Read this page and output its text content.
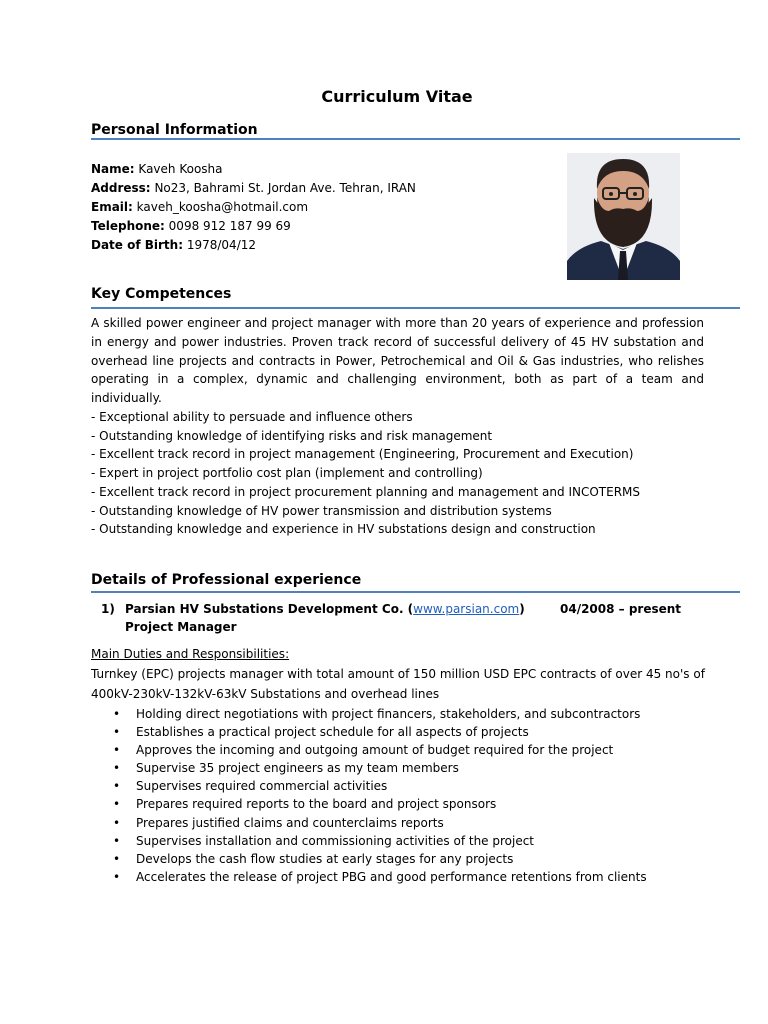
Curriculum Vitae
Personal Information
Name: Kaveh Koosha
Address: No23, Bahrami St. Jordan Ave. Tehran, IRAN
Email: kaveh_koosha@hotmail.com
Telephone: 0098 912 187 99 69
Date of Birth: 1978/04/12
Key Competences

A skilled power engineer and project manager with more than 20 years of experience and profession in energy and power industries. Proven track record of successful delivery of 45 HV substation and overhead line projects and contracts in Power, Petrochemical and Oil & Gas industries, who relishes operating in a complex, dynamic and challenging environment, both as part of a team and individually.

- Exceptional ability to persuade and influence others
- Outstanding knowledge of identifying risks and risk management
- Excellent track record in project management (Engineering, Procurement and Execution)
- Expert in project portfolio cost plan (implement and controlling)
- Excellent track record in project procurement planning and management and INCOTERMS
- Outstanding knowledge of HV power transmission and distribution systems
- Outstanding knowledge and experience in HV substations design and construction
Details of Professional experience
1) Parsian HV Substations Development Co. (www.parsian.com)	04/2008 – present
Project Manager
Main Duties and Responsibilities:

Turnkey (EPC) projects manager with total amount of 150 million USD EPC contracts of over 45 no's of 400kV-230kV-132kV-63kV Substations and overhead lines

• Holding direct negotiations with project financers, stakeholders, and subcontractors
• Establishes a practical project schedule for all aspects of projects
• Approves the incoming and outgoing amount of budget required for the project
• Supervise 35 project engineers as my team members
• Supervises required commercial activities
• Prepares required reports to the board and project sponsors
• Prepares justified claims and counterclaims reports
• Supervises installation and commissioning activities of the project
• Develops the cash flow studies at early stages for any projects
• Accelerates the release of project PBG and good performance retentions from clients
